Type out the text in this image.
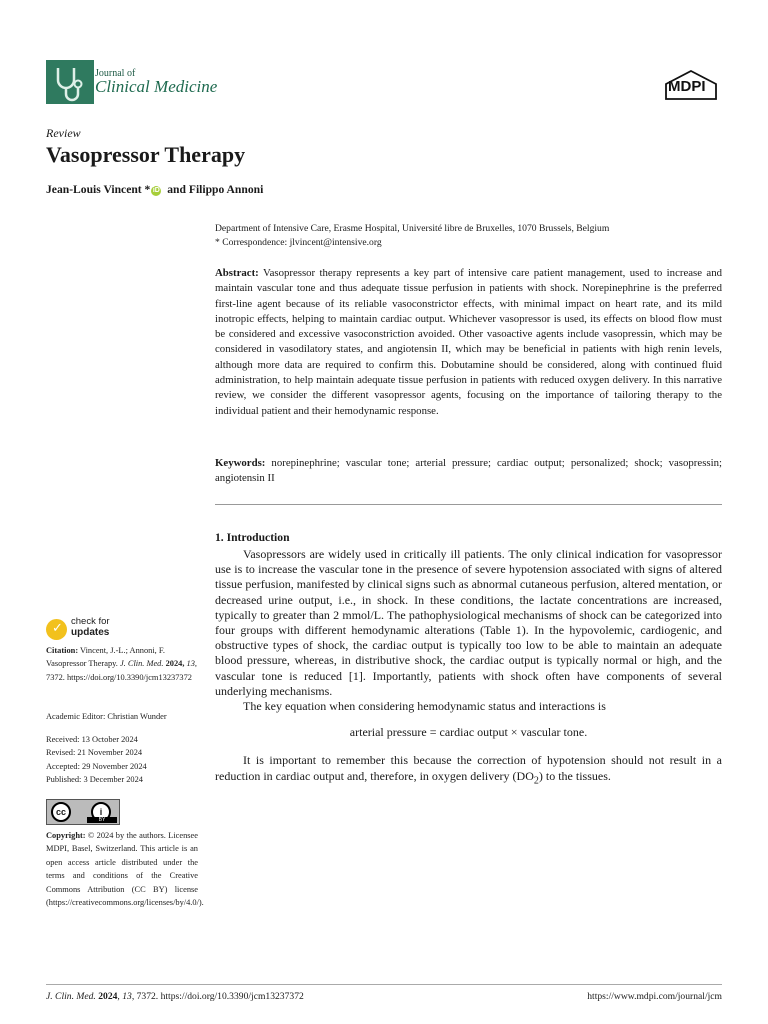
Journal of
Clinical Medicine	MDPI
Review
Vasopressor Therapy
Jean-Louis Vincent * iD and Filippo Annoni
Department of Intensive Care, Erasme Hospital, Université libre de Bruxelles, 1070 Brussels, Belgium
* Correspondence: jlvincent@intensive.org
Abstract: Vasopressor therapy represents a key part of intensive care patient management, used to increase and maintain vascular tone and thus adequate tissue perfusion in patients with shock. Norepinephrine is the preferred first-line agent because of its reliable vasoconstrictor effects, with minimal impact on heart rate, and its mild inotropic effects, helping to maintain cardiac output. Whichever vasopressor is used, its effects on blood flow must be considered and excessive vasoconstriction avoided. Other vasoactive agents include vasopressin, which may be considered in vasodilatory states, and angiotensin II, which may be beneficial in patients with high renin levels, although more data are required to confirm this. Dobutamine should be considered, along with continued fluid administration, to help maintain adequate tissue perfusion in patients with reduced oxygen delivery. In this narrative review, we consider the different vasopressor agents, focusing on the importance of tailoring therapy to the individual patient and their hemodynamic response.
Keywords: norepinephrine; vascular tone; arterial pressure; cardiac output; personalized; shock; vasopressin; angiotensin II
1. Introduction

Vasopressors are widely used in critically ill patients. The only clinical indication for vasopressor use is to increase the vascular tone in the presence of severe hypotension associated with signs of altered tissue perfusion, manifested by clinical signs such as abnormal cutaneous perfusion, altered mentation, or decreased urine output, i.e., in shock. In these conditions, the lactate concentrations are increased, typically to greater than 2 mmol/L. The pathophysiological mechanisms of shock can be categorized into four groups with different hemodynamic alterations (Table 1). In the hypovolemic, cardiogenic, and obstructive types of shock, the cardiac output is typically too low to be able to maintain an adequate blood pressure, whereas, in distributive shock, the cardiac output is typically normal or high, and the vascular tone is reduced [1]. Importantly, patients with shock often have components of several underlying mechanisms.

The key equation when considering hemodynamic status and interactions is

arterial pressure = cardiac output × vascular tone.

It is important to remember this because the correction of hypotension should not result in a reduction in cardiac output and, therefore, in oxygen delivery $(DO_2)$ to the tissues.

✓ check for
updates
Citation: Vincent, J.-L.; Annoni, F. Vasopressor Therapy. J. Clin. Med. 2024, 13, 7372. https://doi.org/10.3390/jcm13237372
Academic Editor: Christian Wunder
Received: 13 October 2024
Revised: 21 November 2024
Accepted: 29 November 2024
Published: 3 December 2024
cc	i
BY
Copyright: © 2024 by the authors. Licensee MDPI, Basel, Switzerland. This article is an open access article distributed under the terms and conditions of the Creative Commons Attribution (CC BY) license (https://creativecommons.org/licenses/by/4.0/).
J. Clin. Med. 2024, 13, 7372. https://doi.org/10.3390/jcm13237372	https://www.mdpi.com/journal/jcm
